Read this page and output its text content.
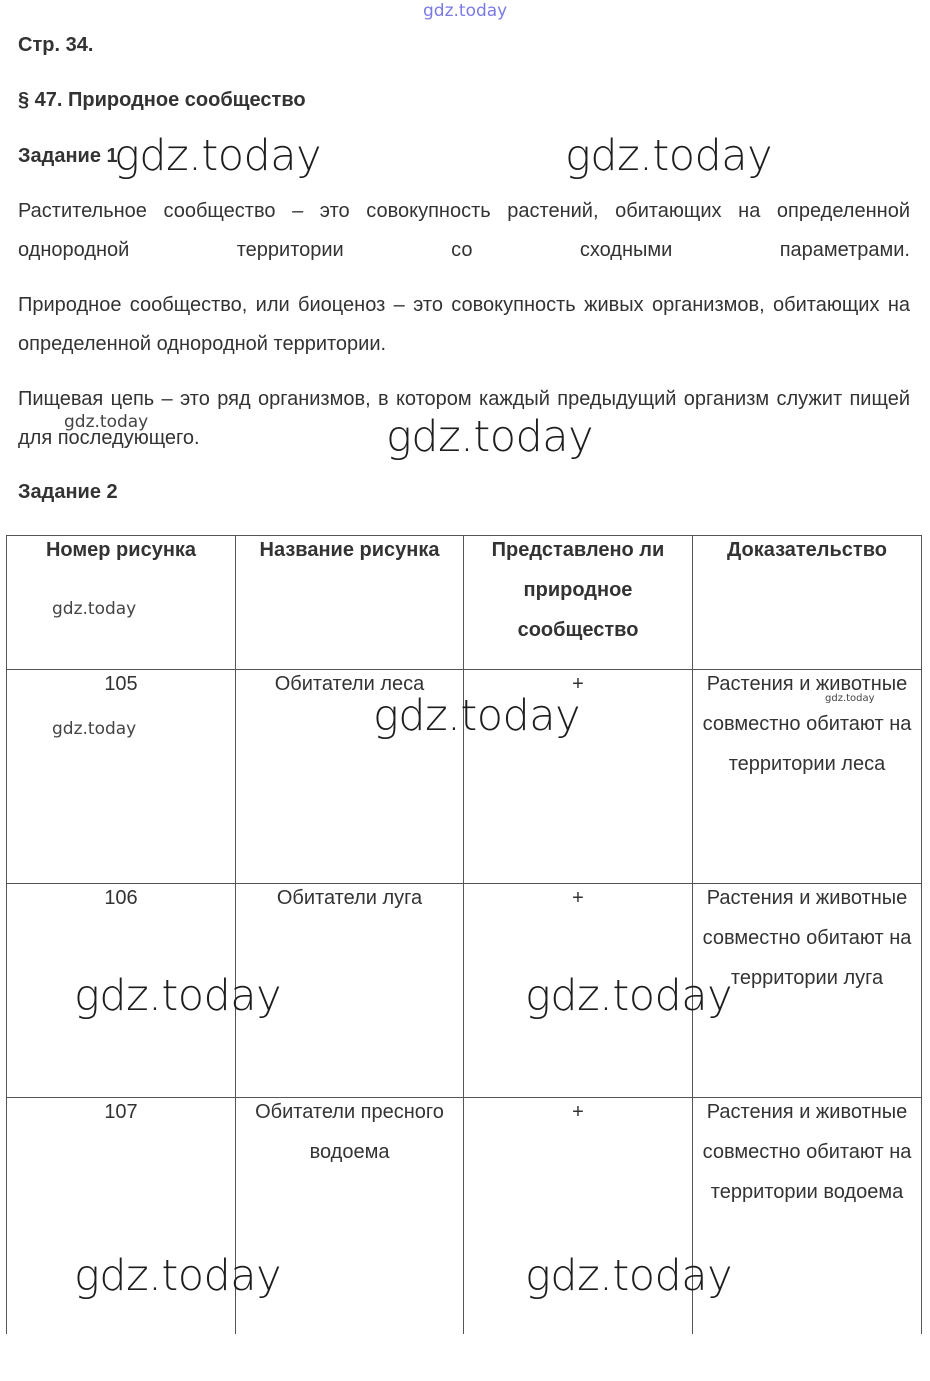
gdz.today
Стр. 34.
§ 47. Природное сообщество
Задание 1
Растительное сообщество – это совокупность растений, обитающих на определенной однородной территории со сходными параметрами.
Природное сообщество, или биоценоз – это совокупность живых организмов, обитающих на определенной однородной территории.
Пищевая цепь – это ряд организмов, в котором каждый предыдущий организм служит пищей для последующего.
Задание 2
Номер рисунка	Название рисунка	Представлено ли природное сообщество	Доказательство

105	Обитатели леса	+	Растения и животные совместно обитают на территории леса

106	Обитатели луга	+	Растения и животные совместно обитают на территории луга

107	Обитатели пресного водоема	+	Растения и животные совместно обитают на территории водоема
gdz.today	gdz.today
gdz.today	gdz.today
gdz.today
gdz.today	gdz.today	gdz.today
gdz.today	gdz.today
gdz.today	gdz.today
